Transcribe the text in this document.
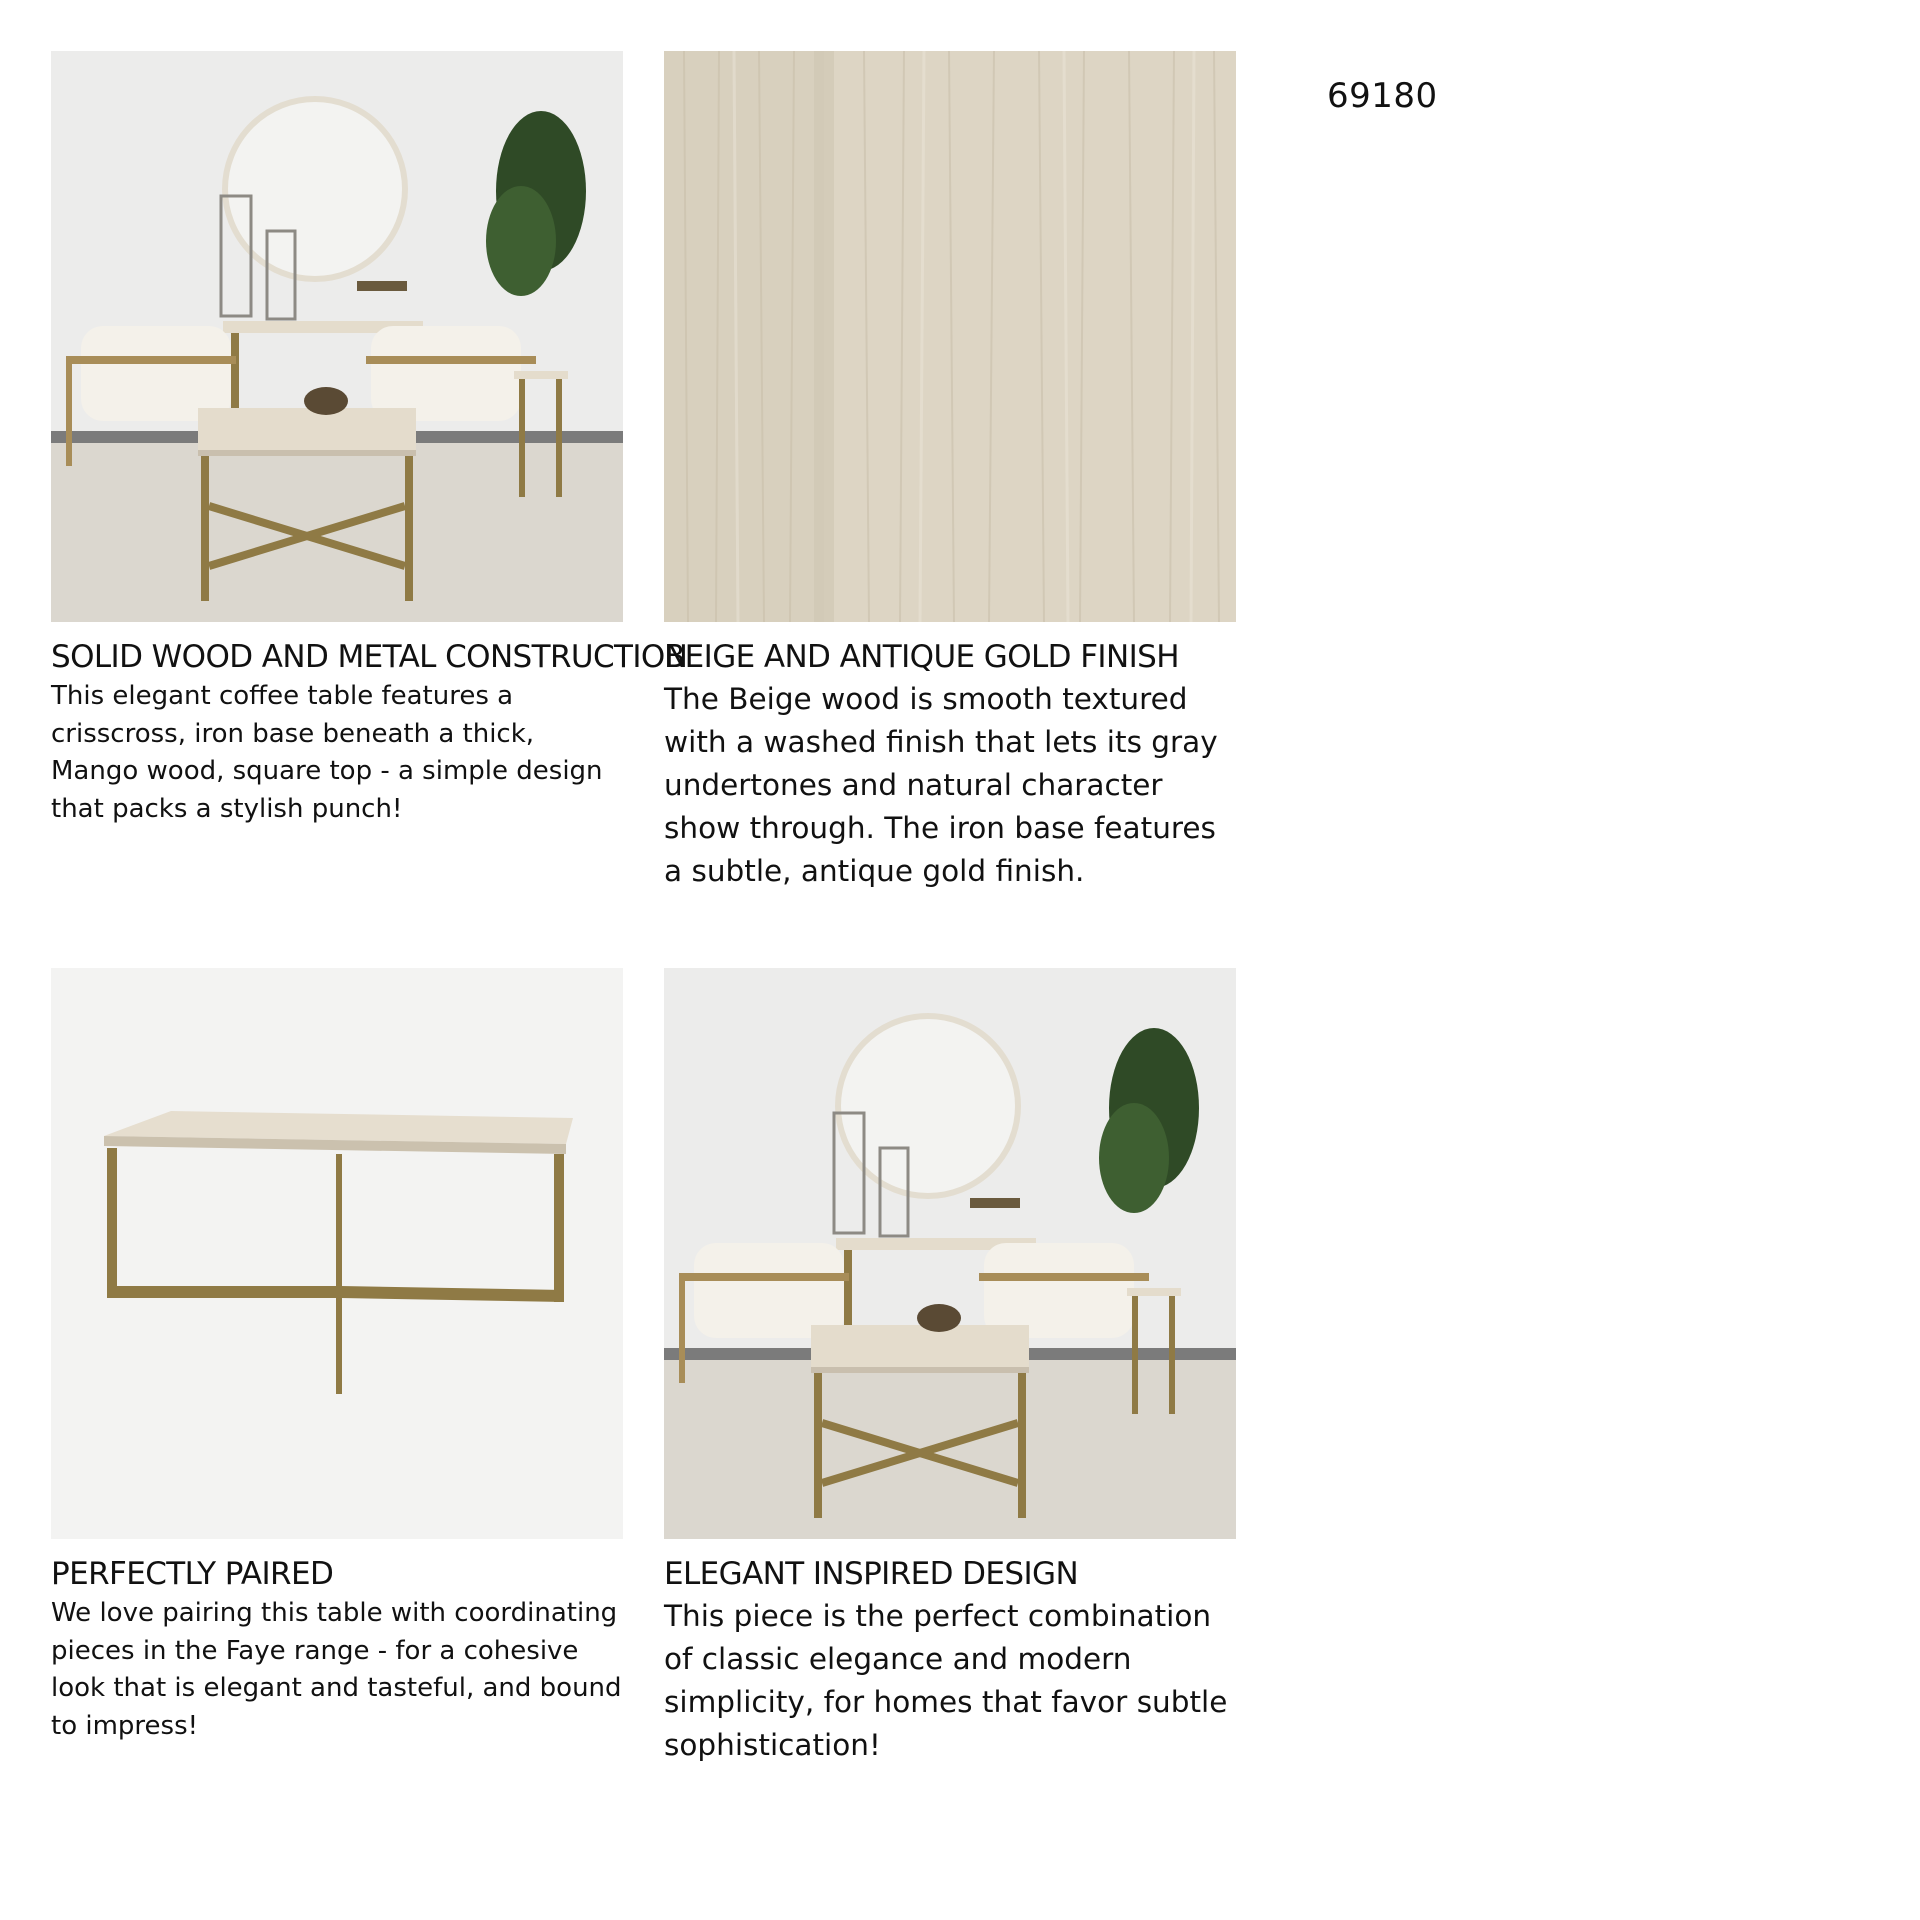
69180
SOLID WOOD AND METAL CONSTRUCTION
This elegant coffee table features a crisscross, iron base beneath a thick, Mango wood, square top - a simple design that packs a stylish punch!
BEIGE AND ANTIQUE GOLD FINISH
The Beige wood is smooth textured with a washed finish that lets its gray undertones and natural character show through. The iron base features a subtle, antique gold finish.
PERFECTLY PAIRED
We love pairing this table with coordinating pieces in the Faye range - for a cohesive look that is elegant and tasteful, and bound to impress!
ELEGANT INSPIRED DESIGN
This piece is the perfect combination of classic elegance and modern simplicity, for homes that favor subtle sophistication!
